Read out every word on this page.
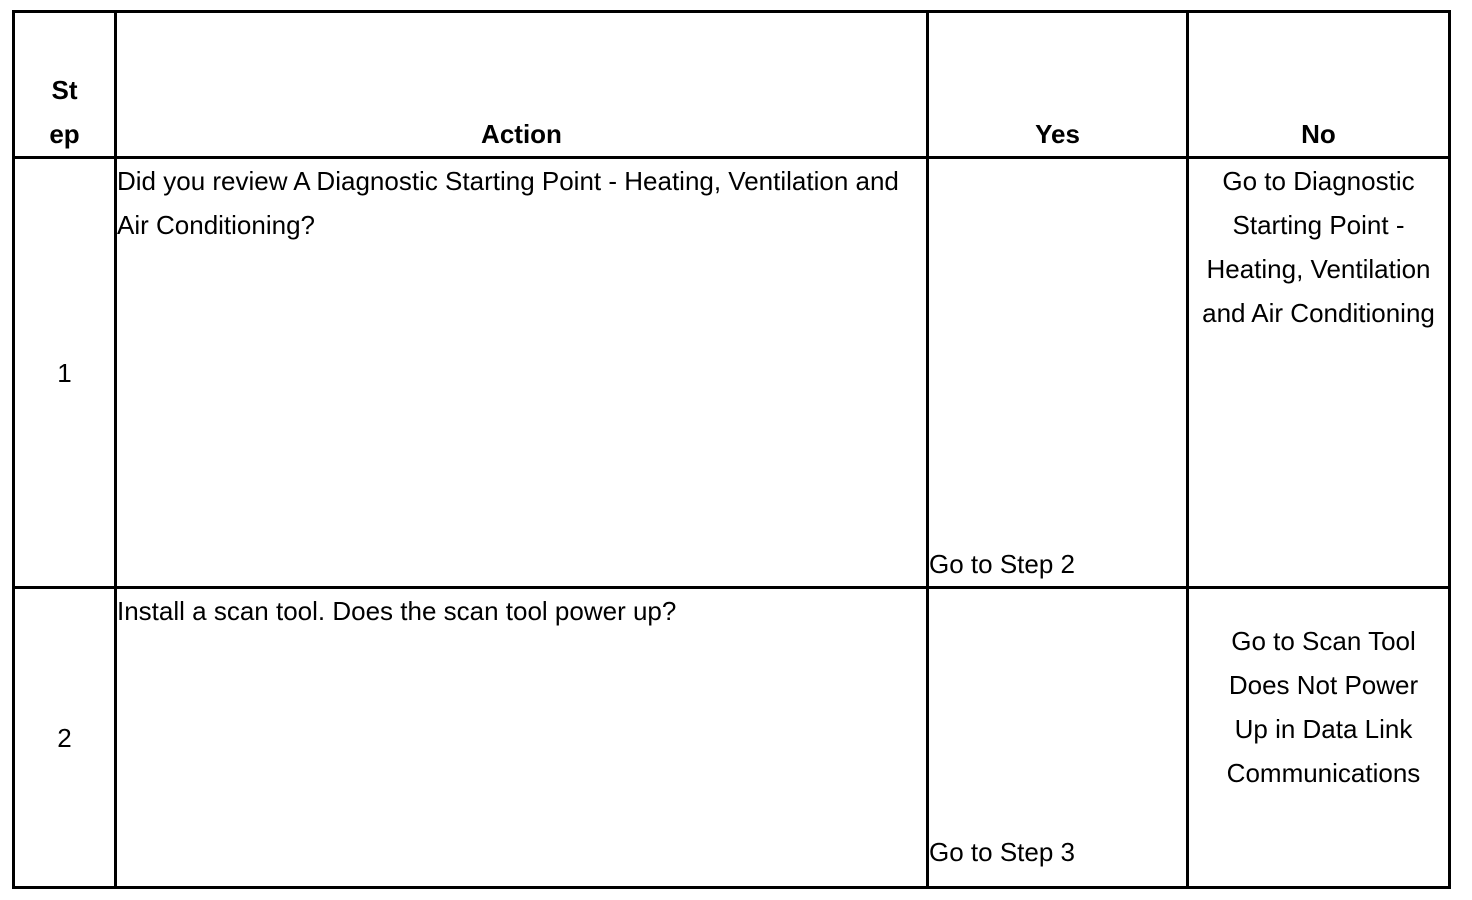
St
ep	Action	Yes	No
1	Did you review A Diagnostic Starting Point - Heating, Ventilation and Air Conditioning?	Go to Step 2	Go to Diagnostic Starting Point - Heating, Ventilation and Air Conditioning
2	Install a scan tool. Does the scan tool power up?	Go to Step 3	Go to Scan Tool Does Not Power Up in Data Link Communications
